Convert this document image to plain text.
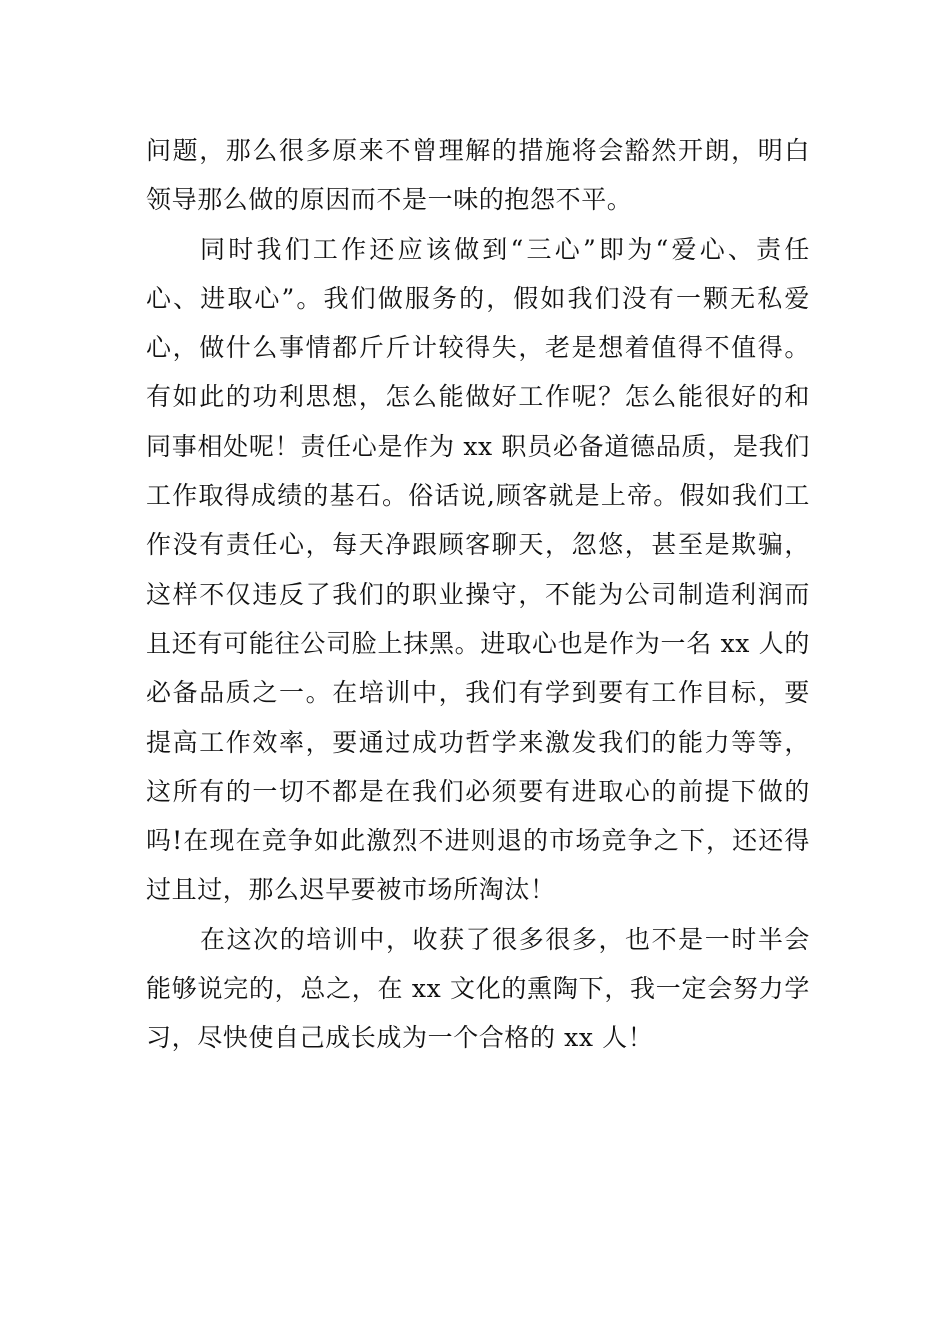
问题，那么很多原来不曾理解的措施将会豁然开朗，明白
领导那么做的原因而不是一味的抱怨不平。
同时我们工作还应该做到“三心”即为“爱心、责任
心、进取心”。我们做服务的，假如我们没有一颗无私爱
心，做什么事情都斤斤计较得失，老是想着值得不值得。
有如此的功利思想，怎么能做好工作呢？怎么能很好的和
同事相处呢！责任心是作为 xx 职员必备道德品质，是我们
工作取得成绩的基石。俗话说,顾客就是上帝。假如我们工
作没有责任心，每天净跟顾客聊天，忽悠，甚至是欺骗，
这样不仅违反了我们的职业操守，不能为公司制造利润而
且还有可能往公司脸上抹黑。进取心也是作为一名 xx 人的
必备品质之一。在培训中，我们有学到要有工作目标，要
提高工作效率，要通过成功哲学来激发我们的能力等等，
这所有的一切不都是在我们必须要有进取心的前提下做的
吗!在现在竞争如此激烈不进则退的市场竞争之下，还还得
过且过，那么迟早要被市场所淘汰！
在这次的培训中，收获了很多很多，也不是一时半会
能够说完的，总之，在 xx 文化的熏陶下，我一定会努力学
习，尽快使自己成长成为一个合格的 xx 人！
